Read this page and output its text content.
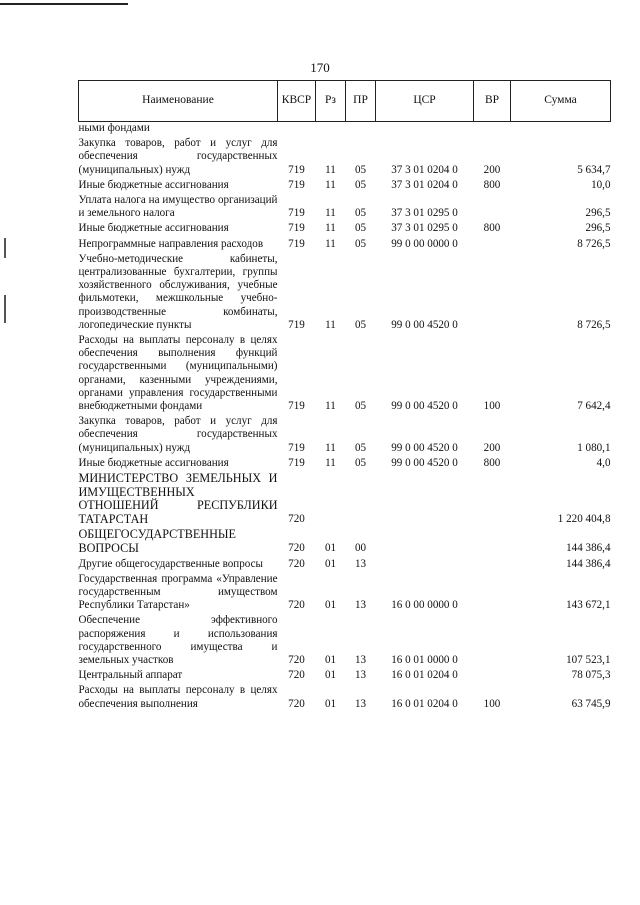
170
Наименование	КВСР	Рз	ПР	ЦСР	ВР	Сумма
ными фондами						
Закупка товаров, работ и услуг для обеспечения государственных (муниципальных) нужд	719	11	05	37 3 01 0204 0	200	5 634,7
Иные бюджетные ассигнования	719	11	05	37 3 01 0204 0	800	10,0
Уплата налога на имущество организаций и земельного налога	719	11	05	37 3 01 0295 0		296,5
Иные бюджетные ассигнования	719	11	05	37 3 01 0295 0	800	296,5
Непрограммные направления расходов	719	11	05	99 0 00 0000 0		8 726,5
Учебно-методические кабинеты, централизованные бухгалтерии, группы хозяйственного обслуживания, учебные фильмотеки, межшкольные учебно-производственные комбинаты, логопедические пункты	719	11	05	99 0 00 4520 0		8 726,5
Расходы на выплаты персоналу в целях обеспечения выполнения функций государственными (муниципальными) органами, казенными учреждениями, органами управления государственными внебюджетными фондами	719	11	05	99 0 00 4520 0	100	7 642,4
Закупка товаров, работ и услуг для обеспечения государственных (муниципальных) нужд	719	11	05	99 0 00 4520 0	200	1 080,1
Иные бюджетные ассигнования	719	11	05	99 0 00 4520 0	800	4,0
МИНИСТЕРСТВО ЗЕМЕЛЬНЫХ И ИМУЩЕСТВЕННЫХ ОТНОШЕНИЙ РЕСПУБЛИКИ ТАТАРСТАН	720					1 220 404,8
ОБЩЕГОСУДАРСТВЕННЫЕ ВОПРОСЫ	720	01	00			144 386,4
Другие общегосударственные вопросы	720	01	13			144 386,4
Государственная программа «Управление государственным имуществом Республики Татарстан»	720	01	13	16 0 00 0000 0		143 672,1
Обеспечение эффективного распоряжения и использования государственного имущества и земельных участков	720	01	13	16 0 01 0000 0		107 523,1
Центральный аппарат	720	01	13	16 0 01 0204 0		78 075,3
Расходы на выплаты персоналу в целях обеспечения выполнения	720	01	13	16 0 01 0204 0	100	63 745,9
